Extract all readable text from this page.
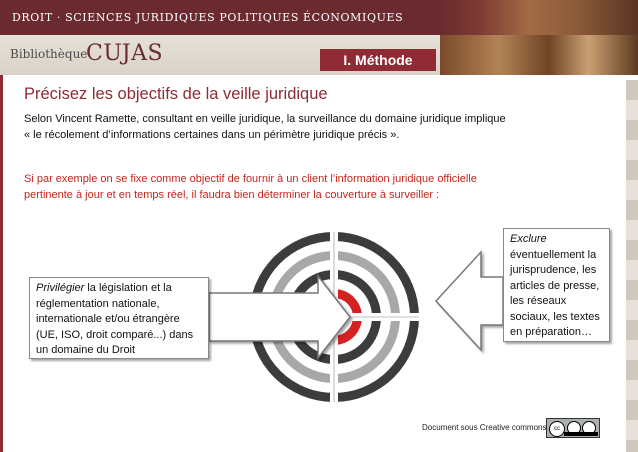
DROIT · SCIENCES JURIDIQUES POLITIQUES ÉCONOMIQUES
Bibliothèque
CUJAS	I. Méthode
Précisez les objectifs de la veille juridique
Selon Vincent Ramette, consultant en veille juridique, la surveillance du domaine juridique implique
« le récolement d’informations certaines dans un périmètre juridique précis ».
Si par exemple on se fixe comme objectif de fournir à un client l’information juridique officielle
pertinente à jour et en temps réel, il faudra bien déterminer la couverture à surveiller :
Privilégier la législation et la
réglementation nationale,
internationale et/ou étrangère
(UE, ISO, droit comparé...) dans
un domaine du Droit
Exclure
éventuellement la
jurisprudence, les
articles de presse,
les réseaux
sociaux, les textes
en préparation…
Document sous Creative commons	cc
